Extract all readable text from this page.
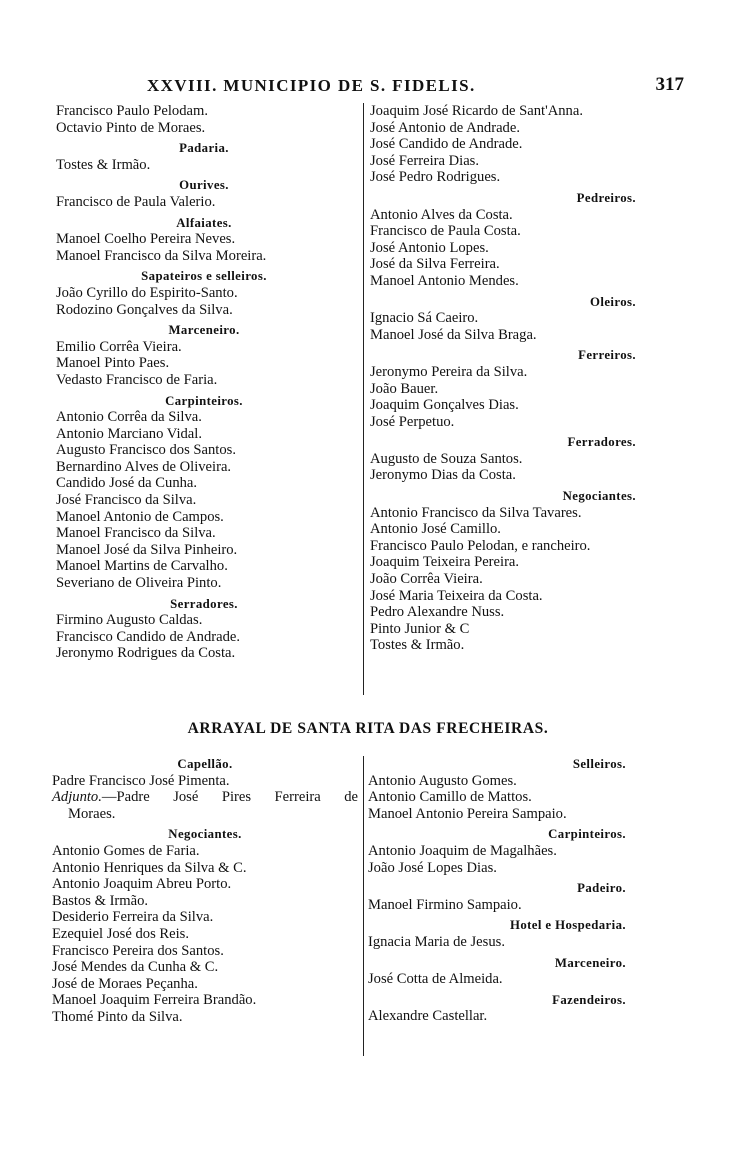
XXVIII. MUNICIPIO DE S. FIDELIS.	317
Francisco Paulo Pelodam.
Octavio Pinto de Moraes.
Padaria.
Tostes & Irmão.
Ourives.
Francisco de Paula Valerio.
Alfaiates.
Manoel Coelho Pereira Neves.
Manoel Francisco da Silva Moreira.
Sapateiros e selleiros.
João Cyrillo do Espirito-Santo.
Rodozino Gonçalves da Silva.
Marceneiro.
Emilio Corrêa Vieira.
Manoel Pinto Paes.
Vedasto Francisco de Faria.
Carpinteiros.
Antonio Corrêa da Silva.
Antonio Marciano Vidal.
Augusto Francisco dos Santos.
Bernardino Alves de Oliveira.
Candido José da Cunha.
José Francisco da Silva.
Manoel Antonio de Campos.
Manoel Francisco da Silva.
Manoel José da Silva Pinheiro.
Manoel Martins de Carvalho.
Severiano de Oliveira Pinto.
Serradores.
Firmino Augusto Caldas.
Francisco Candido de Andrade.
Jeronymo Rodrigues da Costa.
Joaquim José Ricardo de Sant'Anna.
José Antonio de Andrade.
José Candido de Andrade.
José Ferreira Dias.
José Pedro Rodrigues.
Pedreiros.
Antonio Alves da Costa.
Francisco de Paula Costa.
José Antonio Lopes.
José da Silva Ferreira.
Manoel Antonio Mendes.
Oleiros.
Ignacio Sá Caeiro.
Manoel José da Silva Braga.
Ferreiros.
Jeronymo Pereira da Silva.
João Bauer.
Joaquim Gonçalves Dias.
José Perpetuo.
Ferradores.
Augusto de Souza Santos.
Jeronymo Dias da Costa.
Negociantes.
Antonio Francisco da Silva Tavares.
Antonio José Camillo.
Francisco Paulo Pelodan, e rancheiro.
Joaquim Teixeira Pereira.
João Corrêa Vieira.
José Maria Teixeira da Costa.
Pedro Alexandre Nuss.
Pinto Junior & C
Tostes & Irmão.
ARRAYAL DE SANTA RITA DAS FRECHEIRAS.
Capellão.
Padre Francisco José Pimenta.
Adjunto.—Padre José Pires Ferreira de
Moraes.
Negociantes.
Antonio Gomes de Faria.
Antonio Henriques da Silva & C.
Antonio Joaquim Abreu Porto.
Bastos & Irmão.
Desiderio Ferreira da Silva.
Ezequiel José dos Reis.
Francisco Pereira dos Santos.
José Mendes da Cunha & C.
José de Moraes Peçanha.
Manoel Joaquim Ferreira Brandão.
Thomé Pinto da Silva.
Selleiros.
Antonio Augusto Gomes.
Antonio Camillo de Mattos.
Manoel Antonio Pereira Sampaio.
Carpinteiros.
Antonio Joaquim de Magalhães.
João José Lopes Dias.
Padeiro.
Manoel Firmino Sampaio.
Hotel e Hospedaria.
Ignacia Maria de Jesus.
Marceneiro.
José Cotta de Almeida.
Fazendeiros.
Alexandre Castellar.
